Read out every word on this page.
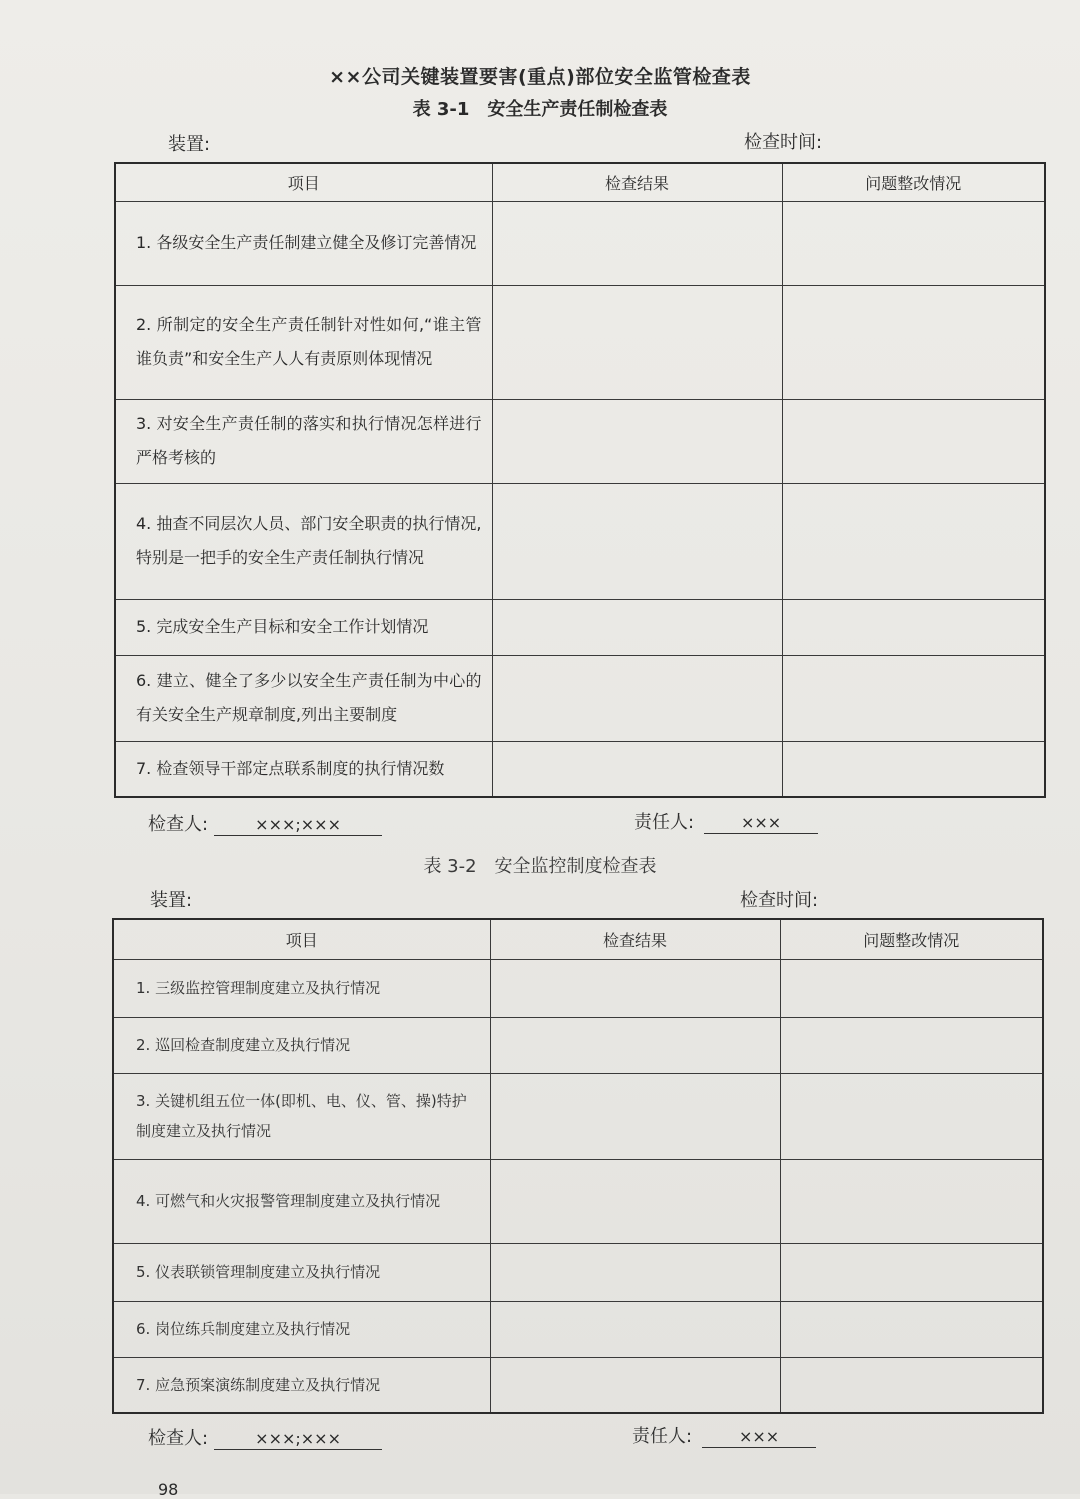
××公司关键装置要害(重点)部位安全监管检查表
表 3-1　安全生产责任制检查表
装置:	检查时间:
项目	检查结果	问题整改情况
1. 各级安全生产责任制建立健全及修订完善情况		
2. 所制定的安全生产责任制针对性如何,“谁主管谁负责”和安全生产人人有责原则体现情况		
3. 对安全生产责任制的落实和执行情况怎样进行严格考核的		
4. 抽查不同层次人员、部门安全职责的执行情况,特别是一把手的安全生产责任制执行情况		
5. 完成安全生产目标和安全工作计划情况		
6. 建立、健全了多少以安全生产责任制为中心的有关安全生产规章制度,列出主要制度		
7. 检查领导干部定点联系制度的执行情况数		
检查人:	×××;×××	责任人:	×××
表 3-2　安全监控制度检查表
装置:	检查时间:
项目	检查结果	问题整改情况
1. 三级监控管理制度建立及执行情况		
2. 巡回检查制度建立及执行情况		
3. 关键机组五位一体(即机、电、仪、管、操)特护制度建立及执行情况		
4. 可燃气和火灾报警管理制度建立及执行情况		
5. 仪表联锁管理制度建立及执行情况		
6. 岗位练兵制度建立及执行情况		
7. 应急预案演练制度建立及执行情况		
检查人:	×××;×××	责任人:	×××
98
